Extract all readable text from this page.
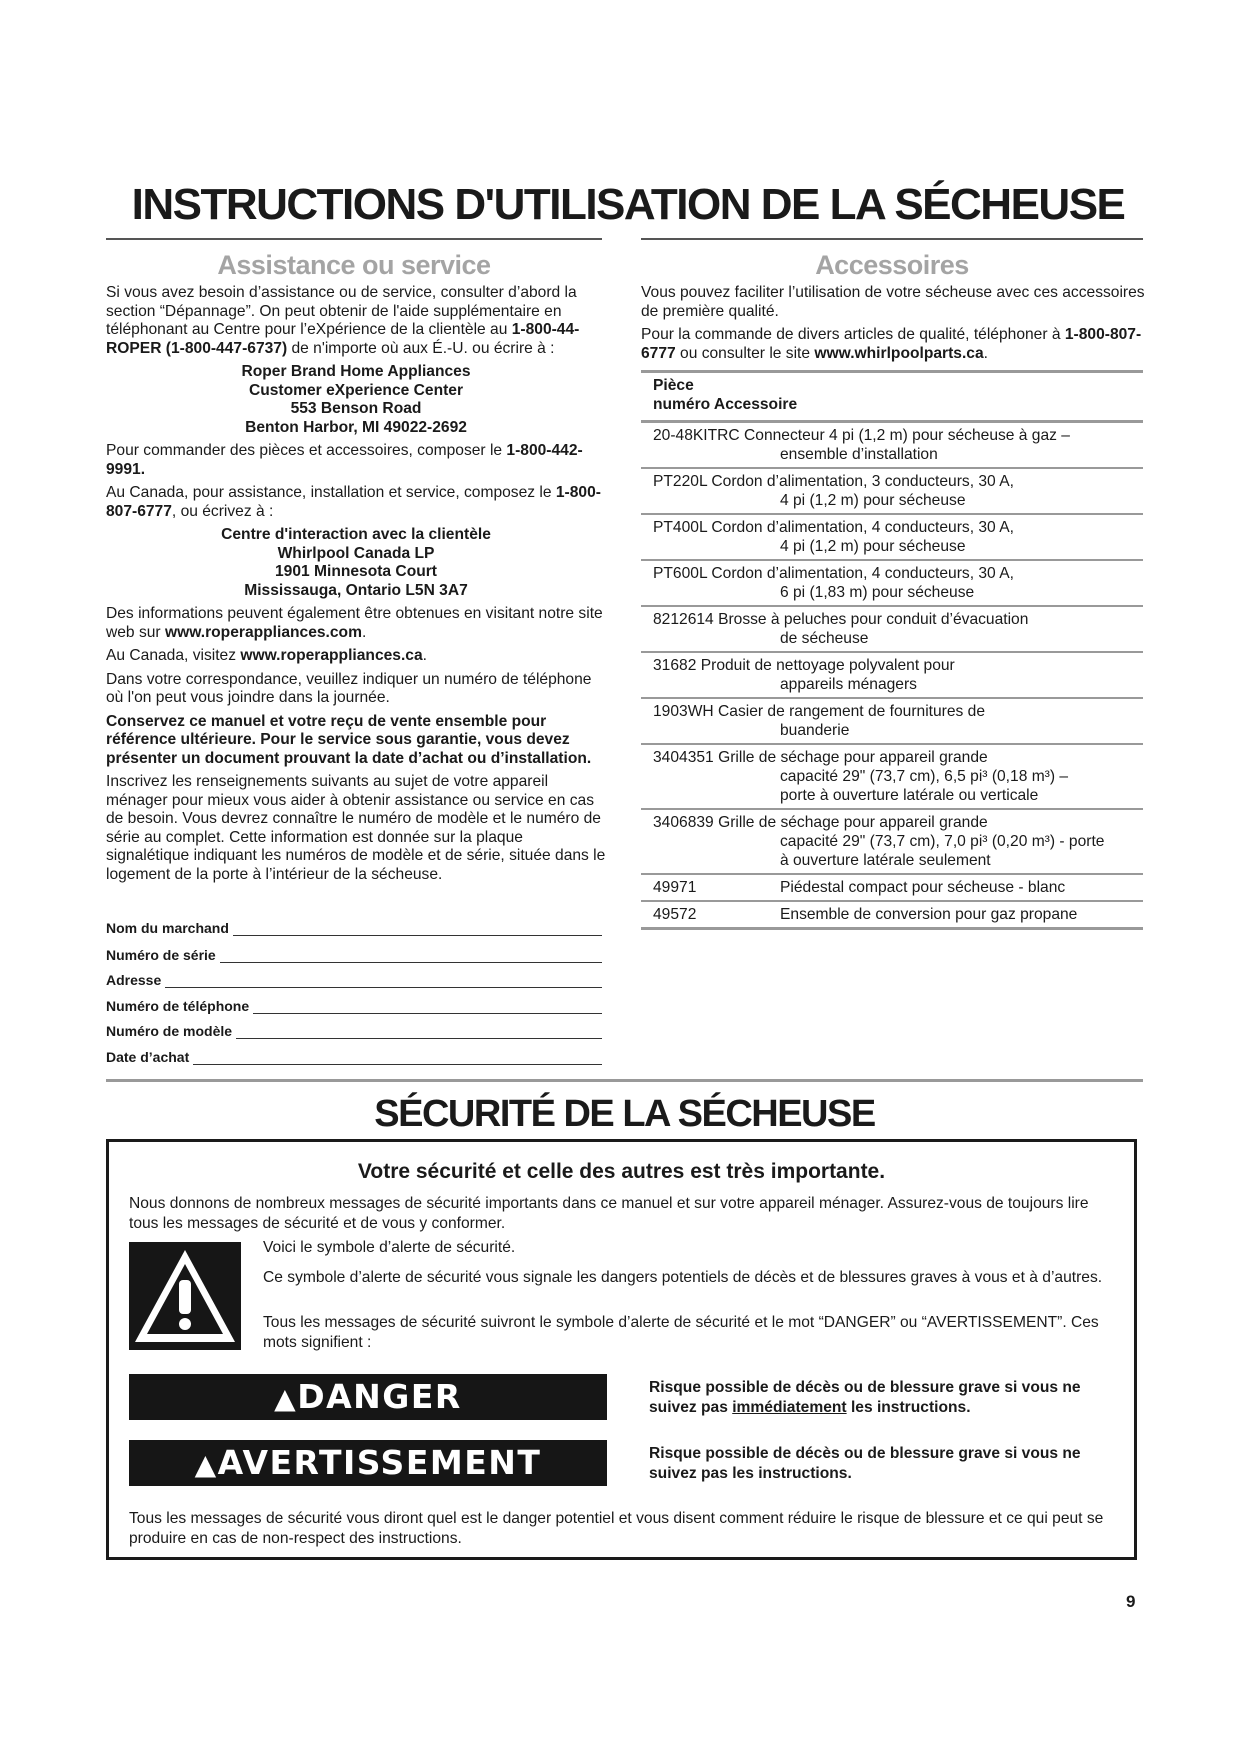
INSTRUCTIONS D'UTILISATION DE LA SÉCHEUSE
Assistance ou service

Si vous avez besoin d’assistance ou de service, consulter d’abord la section “Dépannage”. On peut obtenir de l'aide supplémentaire en téléphonant au Centre pour l’eXpérience de la clientèle au 1-800-44-ROPER (1-800-447-6737) de n'importe où aux É.-U. ou écrire à :

Roper Brand Home Appliances
Customer eXperience Center
553 Benson Road
Benton Harbor, MI 49022-2692

Pour commander des pièces et accessoires, composer le 1-800-442-9991.

Au Canada, pour assistance, installation et service, composez le 1-800-807-6777, ou écrivez à :

Centre d'interaction avec la clientèle
Whirlpool Canada LP
1901 Minnesota Court
Mississauga, Ontario L5N 3A7

Des informations peuvent également être obtenues en visitant notre site web sur www.roperappliances.com.

Au Canada, visitez www.roperappliances.ca.

Dans votre correspondance, veuillez indiquer un numéro de téléphone où l'on peut vous joindre dans la journée.

Conservez ce manuel et votre reçu de vente ensemble pour référence ultérieure. Pour le service sous garantie, vous devez présenter un document prouvant la date d’achat ou d’installation.

Inscrivez les renseignements suivants au sujet de votre appareil ménager pour mieux vous aider à obtenir assistance ou service en cas de besoin. Vous devrez connaître le numéro de modèle et le numéro de série au complet. Cette information est donnée sur la plaque signalétique indiquant les numéros de modèle et de série, située dans le logement de la porte à l’intérieur de la sécheuse.

Nom du marchand
Numéro de série
Adresse
Numéro de téléphone
Numéro de modèle
Date d’achat
Accessoires

Vous pouvez faciliter l’utilisation de votre sécheuse avec ces accessoires de première qualité.

Pour la commande de divers articles de qualité, téléphoner à 1-800-807-6777 ou consulter le site www.whirlpoolparts.ca.

Pièce
numéro Accessoire
20-48KITRC Connecteur 4 pi (1,2 m) pour sécheuse à gaz –
ensemble d’installation
PT220L Cordon d’alimentation, 3 conducteurs, 30 A,
4 pi (1,2 m) pour sécheuse
PT400L Cordon d’alimentation, 4 conducteurs, 30 A,
4 pi (1,2 m) pour sécheuse
PT600L Cordon d’alimentation, 4 conducteurs, 30 A,
6 pi (1,83 m) pour sécheuse
8212614 Brosse à peluches pour conduit d’évacuation
de sécheuse
31682 Produit de nettoyage polyvalent pour
appareils ménagers
1903WH Casier de rangement de fournitures de
buanderie
3404351 Grille de séchage pour appareil grande
capacité 29" (73,7 cm), 6,5 pi³ (0,18 m³) –
porte à ouverture latérale ou verticale
3406839 Grille de séchage pour appareil grande
capacité 29" (73,7 cm), 7,0 pi³ (0,20 m³) - porte
à ouverture latérale seulement
49971	Piédestal compact pour sécheuse - blanc
49572	Ensemble de conversion pour gaz propane
SÉCURITÉ DE LA SÉCHEUSE
Votre sécurité et celle des autres est très importante.
Nous donnons de nombreux messages de sécurité importants dans ce manuel et sur votre appareil ménager. Assurez-vous de toujours lire tous les messages de sécurité et de vous y conformer.
Voici le symbole d’alerte de sécurité.
Ce symbole d’alerte de sécurité vous signale les dangers potentiels de décès et de blessures graves à vous et à d’autres.
Tous les messages de sécurité suivront le symbole d’alerte de sécurité et le mot “DANGER” ou “AVERTISSEMENT”. Ces mots signifient :
▲DANGER	Risque possible de décès ou de blessure grave si vous ne suivez pas immédiatement les instructions.
▲AVERTISSEMENT	Risque possible de décès ou de blessure grave si vous ne suivez pas les instructions.
Tous les messages de sécurité vous diront quel est le danger potentiel et vous disent comment réduire le risque de blessure et ce qui peut se produire en cas de non-respect des instructions.
9
